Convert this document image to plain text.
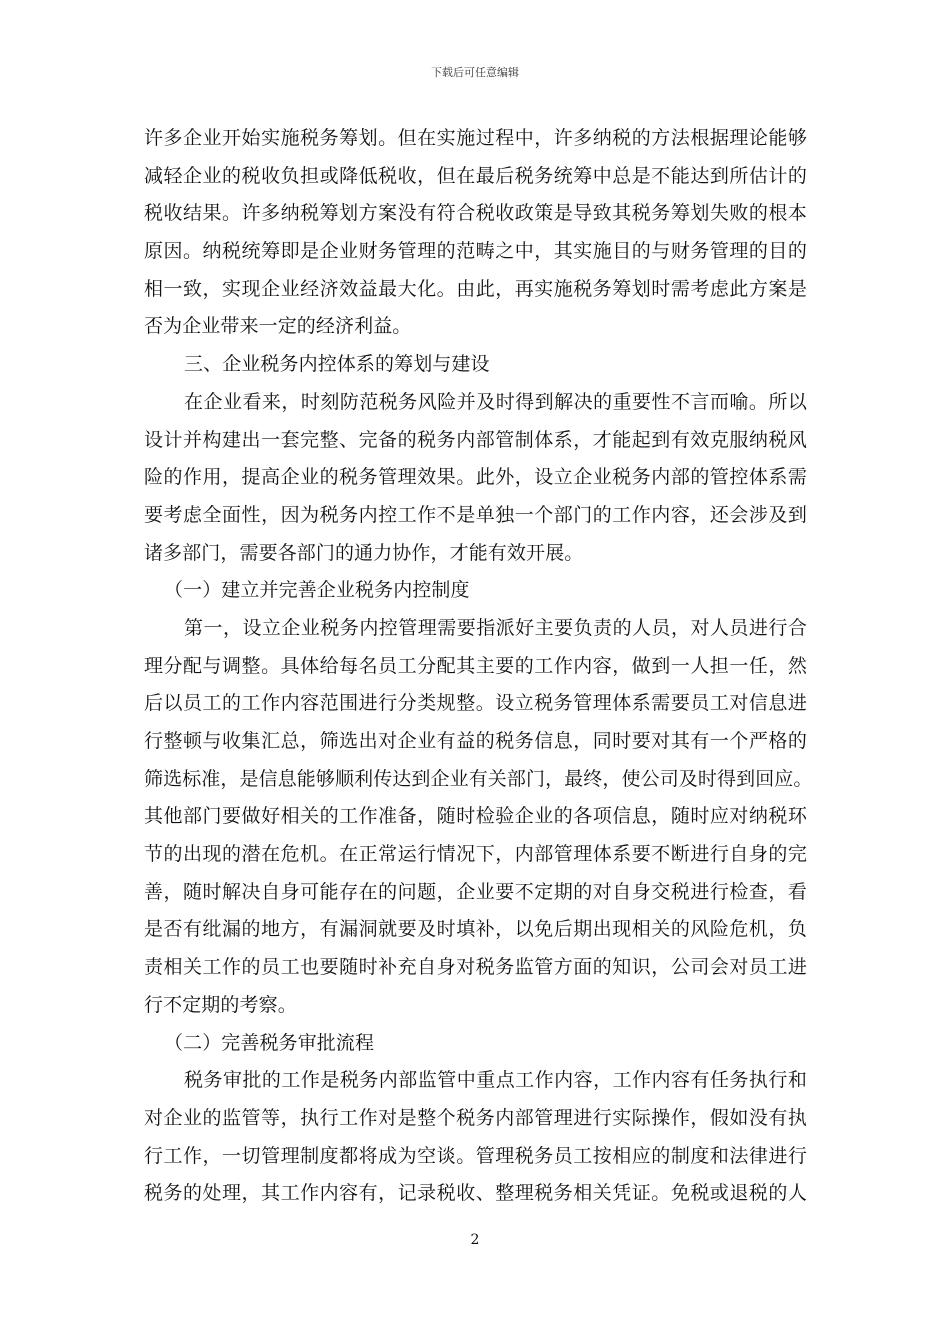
下载后可任意编辑
许多企业开始实施税务筹划。但在实施过程中，许多纳税的方法根据理论能够
减轻企业的税收负担或降低税收，但在最后税务统筹中总是不能达到所估计的
税收结果。许多纳税筹划方案没有符合税收政策是导致其税务筹划失败的根本
原因。纳税统筹即是企业财务管理的范畴之中，其实施目的与财务管理的目的
相一致，实现企业经济效益最大化。由此，再实施税务筹划时需考虑此方案是
否为企业带来一定的经济利益。
三、企业税务内控体系的筹划与建设
在企业看来，时刻防范税务风险并及时得到解决的重要性不言而喻。所以
设计并构建出一套完整、完备的税务内部管制体系，才能起到有效克服纳税风
险的作用，提高企业的税务管理效果。此外，设立企业税务内部的管控体系需
要考虑全面性，因为税务内控工作不是单独一个部门的工作内容，还会涉及到
诸多部门，需要各部门的通力协作，才能有效开展。
（一）建立并完善企业税务内控制度
第一，设立企业税务内控管理需要指派好主要负责的人员，对人员进行合
理分配与调整。具体给每名员工分配其主要的工作内容，做到一人担一任，然
后以员工的工作内容范围进行分类规整。设立税务管理体系需要员工对信息进
行整顿与收集汇总，筛选出对企业有益的税务信息，同时要对其有一个严格的
筛选标准，是信息能够顺利传达到企业有关部门，最终，使公司及时得到回应。
其他部门要做好相关的工作准备，随时检验企业的各项信息，随时应对纳税环
节的出现的潜在危机。在正常运行情况下，内部管理体系要不断进行自身的完
善，随时解决自身可能存在的问题，企业要不定期的对自身交税进行检查，看
是否有纰漏的地方，有漏洞就要及时填补，以免后期出现相关的风险危机，负
责相关工作的员工也要随时补充自身对税务监管方面的知识，公司会对员工进
行不定期的考察。
（二）完善税务审批流程
税务审批的工作是税务内部监管中重点工作内容，工作内容有任务执行和
对企业的监管等，执行工作对是整个税务内部管理进行实际操作，假如没有执
行工作，一切管理制度都将成为空谈。管理税务员工按相应的制度和法律进行
税务的处理，其工作内容有，记录税收、整理税务相关凭证。免税或退税的人
2
